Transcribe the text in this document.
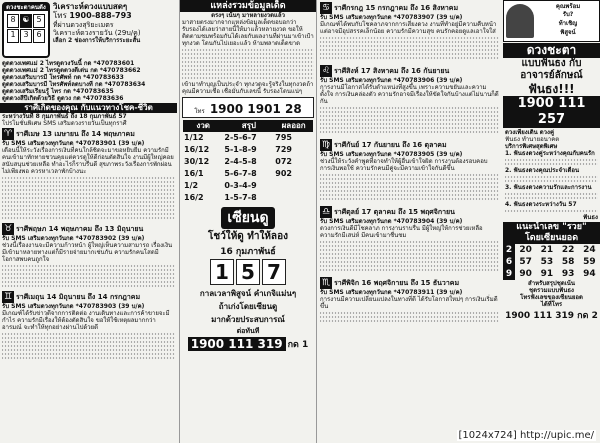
ดวงชะตาคนดัง
8 ☯ 5
1 3 6
วิเคราะห์ดวงแบบสดๆ
โทร 1900-888-793
ที่ผ่านดวงสุริยะเมตร
วิเคราะห์ดวงรายวัน (29บ/ค)
เลือก 2 ช่องการให้บริการระยะสั้น
ดูดดวงเพศแม่ 2 ไทรดูดวงวันนี้ กด *470783601
ดูดดวงเพศแม่ 2 ไทรดูดดวงดีเด่น กด *470783662
ดูดดวงเสริมบารมี โทรศัพท์ กด *470783633
ดูดดวงเสริมบารมี ไทรศัพท์ลดบางที กด *470783634
ดูดดวงเสริมเรียนรู้ ไทร กด *470783635
ดูดดวงสีปีเกิดด้วยวิธี ดูดวง กด *470783636
ราศีเกิดของคุณ กับแนวทางโชค-ชีวิต
ระหว่างวันที่ 8 กุมภาพันธ์ ถึง 18 กุมภาพันธ์ 57
โปรโมชั่นพิเศษ SMS เสริมดวงรายวันเป็นทุกราศี
♈ ราศีเมษ 13 เมษายน ถึง 14 พฤษภาคม
รับ SMS เสริมดวงทุกวันกด *470783901 (39 บ/ค)
เดือนนี้ให้ระวังเรื่องการเงินที่คนใกล้ชิดจะมาขอหยิบยืม ความรักมีคนเข้ามาทักทายชวนคุยแต่ควรดูให้ดีก่อนตัดสินใจ งานมีผู้ใหญ่คอยสนับสนุนช่วยเหลือ ทำอะไรก็ราบรื่นดี สุขภาพระวังเรื่องการพักผ่อนไม่เพียงพอ ควรหาเวลาพักบ้างนะ
♉ ราศีพฤษภ 14 พฤษภาคม ถึง 13 มิถุนายน
รับ SMS เสริมดวงทุกวันกด *470783902 (39 บ/ค)
ช่วงนี้เรื่องงานจะมีความก้าวหน้า ผู้ใหญ่เห็นความสามารถ เรื่องเงินมีเข้ามาหลายทางแต่ก็มีรายจ่ายมากเช่นกัน ความรักคนโสดมีโอกาสพบคนถูกใจ
♊ ราศีเมถุน 14 มิถุนายน ถึง 14 กรกฎาคม
รับ SMS เสริมดวงทุกวันกด *470783903 (39 บ/ค)
มีเกณฑ์ได้รับข่าวดีจากการติดต่อ งานเดินทางและการค้าขายจะมีกำไร ความรักมีเรื่องให้ต้องตัดสินใจ ขอให้ใช้เหตุผลมากกว่าอารมณ์ จะทำให้ทุกอย่างผ่านไปด้วยดี
แหล่งรวมข้อมูลเด็ด
ตรงๆ เน้นๆ มาหลายงวดแล้ว
มาสายตรงมากจากแหล่งข้อมูลเด็ดขอบอกว่า รับรองได้เลยว่าสายนี้ให้มาแล้วหลายงวด ขอให้ติดตามชมพร้อมกันได้เลยกับผลงานที่ผ่านมาเข้าเป้าทุกงวด โดนกันไปเยอะแล้ว ห้ามพลาดเด็ดขาด
เข้ามาทำบุญเป็นประจำ ทุกงวดจะรู้จริงในทุกงวดถ้าคุณมีความเชื่อ เชื่อมั่นกับเลขนี้ รับรองโดนแน่ๆ
โทร 1900 1901 28
งวด	สรุป	ผลออก
1/12	2-5-6-7	795
16/12	5-1-8-9	729
30/12	2-4-5-8	072
16/1	5-6-7-8	902
1/2	0-3-4-9	
16/2	1-5-7-8	
เซียนดู
โชว์ให้ดู ทำให้ลอง
16 กุมภาพันธ์
1 5 7
กาลเวลาพิสูจน์ คำเกจิแม่นๆ
ถ้าเก่งโดยเซียนดู
มากด้วยประสบการณ์
ต่อทันที
1900 111 319 กด 1
♋ ราศีกรกฎ 15 กรกฎาคม ถึง 16 สิงหาคม
รับ SMS เสริมดวงทุกวันกด *470783907 (39 บ/ค)
มีเกณฑ์ได้พบกับโชคลาภจากการเสี่ยงดวง งานที่ทำอยู่มีความคืบหน้าแต่อาจมีอุปสรรคเล็กน้อย ความรักมีความสุข คนรักคอยดูแลเอาใจใส่
♌ ราศีสิงห์ 17 สิงหาคม ถึง 16 กันยายน
รับ SMS เสริมดวงทุกวันกด *470783906 (39 บ/ค)
การงานมีโอกาสได้รับตำแหน่งที่สูงขึ้น เพราะความขยันและความตั้งใจ การเงินคล่องตัว ความรักอาจมีเรื่องให้ขัดใจกันบ้างแต่ไม่นานก็ดีกัน
♍ ราศีกันย์ 17 กันยายน ถึง 16 ตุลาคม
รับ SMS เสริมดวงทุกวันกด *470783905 (39 บ/ค)
ช่วงนี้ให้ระวังคำพูดที่อาจทำให้ผู้อื่นเข้าใจผิด การงานต้องรอบคอบ การเงินพอใช้ ความรักคนมีคู่จะมีความเข้าใจกันดีขึ้น
♎ ราศีตุลย์ 17 ตุลาคม ถึง 15 พฤศจิกายน
รับ SMS เสริมดวงทุกวันกด *470783904 (39 บ/ค)
ดวงการเงินดีมีโชคลาภ การงานราบรื่น มีผู้ใหญ่ให้การช่วยเหลือ ความรักมีเสน่ห์ มีคนเข้ามาชื่นชม
♏ ราศีพิจิก 16 พฤศจิกายน ถึง 15 ธันวาคม
รับ SMS เสริมดวงทุกวันกด *470783911 (39 บ/ค)
การงานมีความเปลี่ยนแปลงในทางที่ดี ได้รับโอกาสใหม่ๆ การเงินเริ่มดีขึ้น
คุณพร้อม
รับ?
ท้าเชิญ
พิสูจน์
ดวงชะตา
แบบฟันธง กับ
อาจารย์ลักษณ์
ฟันธง!!!
1900 111 257
ดวงเพียงเดิน ดวงคู่
ฟันธง ทำนายอนาคต
บริการพิเศษสุดพิเศษ
1. ฟันธงดวงคู่ระหว่างคุณกับคนรัก
2. ฟันธงดวงคุณประจำเดือน
3. ฟันธงดวงความรักและการงาน
4. ฟันธงดวงระหว่างวัน 57
ฟันธง
แนะนำเลข "รวย"
โดยเซียนยอด
2	20	21	22	24
6	57	53	58	59
9	90	91	93	94
สำหรับสรุปชุดเน้น
ชุดรวมแบบฟันธง
โทรฟังเลขของเซียนยอด
ได้ที่โทร
1900 111 319 กด 2
[1024x724] http://upic.me/
